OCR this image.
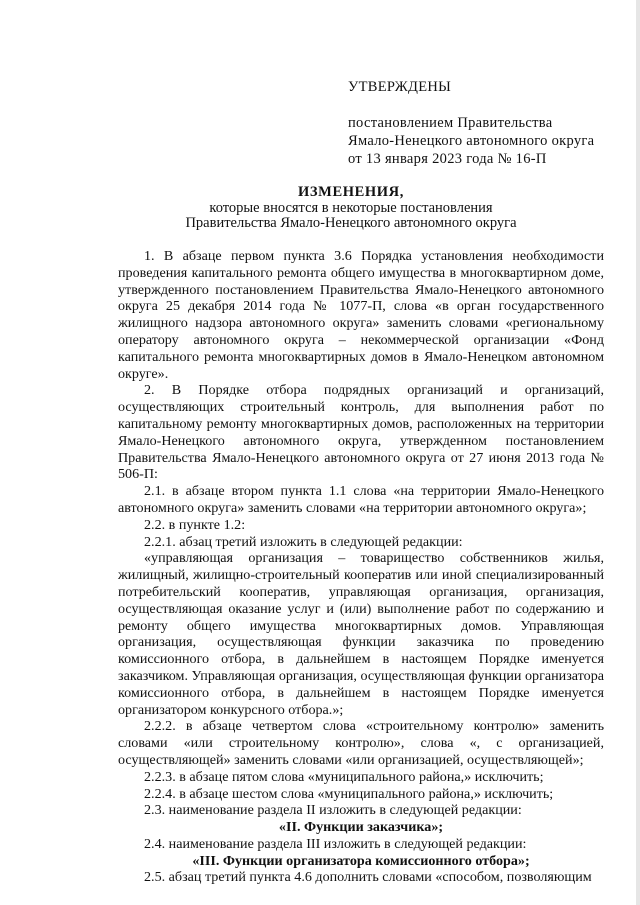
УТВЕРЖДЕНЫ

постановлением Правительства

Ямало-Ненецкого автономного округа

от 13 января 2023 года № 16-П

ИЗМЕНЕНИЯ,
которые вносятся в некоторые постановления
Правительства Ямало-Ненецкого автономного округа

1. В абзаце первом пункта 3.6 Порядка установления необходимости проведения капитального ремонта общего имущества в многоквартирном доме, утвержденного постановлением Правительства Ямало-Ненецкого автономного округа 25 декабря 2014 года № 1077-П, слова «в орган государственного жилищного надзора автономного округа» заменить словами «региональному оператору автономного округа – некоммерческой организации «Фонд капитального ремонта многоквартирных домов в Ямало-Ненецком автономном округе».

2. В Порядке отбора подрядных организаций и организаций, осуществляющих строительный контроль, для выполнения работ по капитальному ремонту многоквартирных домов, расположенных на территории Ямало-Ненецкого автономного округа, утвержденном постановлением Правительства Ямало-Ненецкого автономного округа от 27 июня 2013 года № 506-П:

2.1. в абзаце втором пункта 1.1 слова «на территории Ямало-Ненецкого автономного округа» заменить словами «на территории автономного округа»;

2.2. в пункте 1.2:

2.2.1. абзац третий изложить в следующей редакции:

«управляющая организация – товарищество собственников жилья, жилищный, жилищно-строительный кооператив или иной специализированный потребительский кооператив, управляющая организация, организация, осуществляющая оказание услуг и (или) выполнение работ по содержанию и ремонту общего имущества многоквартирных домов. Управляющая организация, осуществляющая функции заказчика по проведению комиссионного отбора, в дальнейшем в настоящем Порядке именуется заказчиком. Управляющая организация, осуществляющая функции организатора комиссионного отбора, в дальнейшем в настоящем Порядке именуется организатором конкурсного отбора.»;

2.2.2. в абзаце четвертом слова «строительному контролю» заменить словами «или строительному контролю», слова «, с организацией, осуществляющей» заменить словами «или организацией, осуществляющей»;

2.2.3. в абзаце пятом слова «муниципального района,» исключить;

2.2.4. в абзаце шестом слова «муниципального района,» исключить;

2.3. наименование раздела II изложить в следующей редакции:

«II. Функции заказчика»;

2.4. наименование раздела III изложить в следующей редакции:

«III. Функции организатора комиссионного отбора»;

2.5. абзац третий пункта 4.6 дополнить словами «способом, позволяющим
